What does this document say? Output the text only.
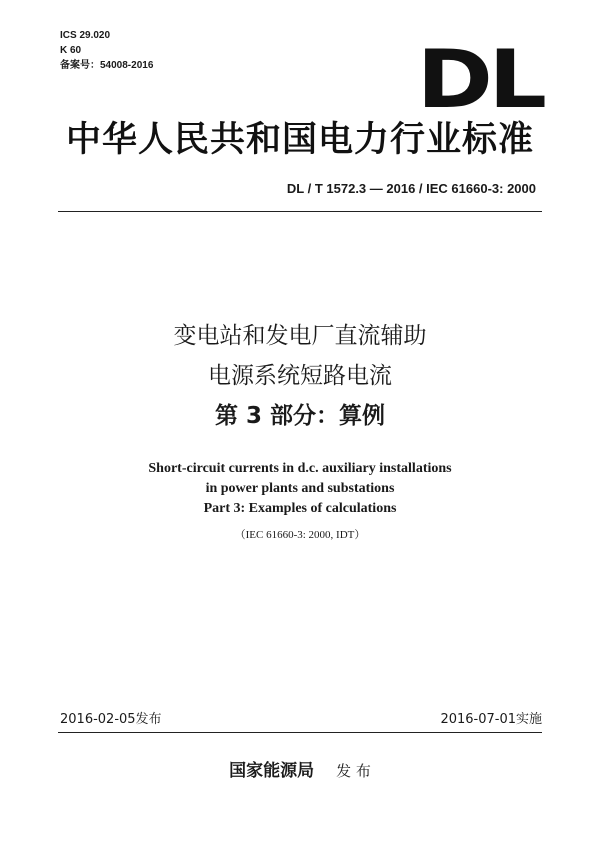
ICS 29.020
K 60
备案号：54008-2016	DL
中华人民共和国电力行业标准
DL / T 1572.3 — 2016 / IEC 61660-3: 2000
变电站和发电厂直流辅助
电源系统短路电流
第 3 部分：算例
Short-circuit currents in d.c. auxiliary installations
in power plants and substations
Part 3: Examples of calculations
（IEC 61660-3: 2000, IDT）
2016-02-05发布	2016-07-01实施
国家能源局 发 布
